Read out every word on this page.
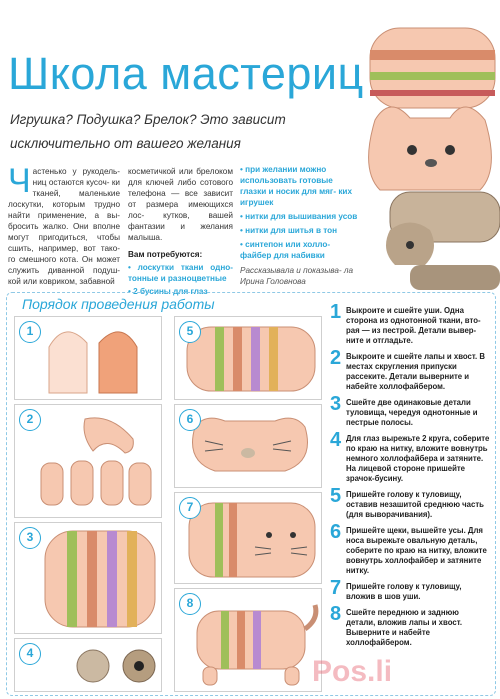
Школа мастериц
Игрушка? Подушка? Брелок? Это зависит исключительно от вашего желания
Ч астенько у рукодель- ниц остаются кусоч- ки тканей, маленькие лоскутки, которым трудно найти применение, а вы- бросить жалко. Они вполне могут пригодиться, чтобы сшить, например, вот тако- го смешного кота. Он может служить диванной подуш- кой или ковриком, забавной
косметичкой или брелоком для ключей либо сотового телефона — все зависит от размера имеющихся лос- кутков, вашей фантазии и желания малыша.
Вам потребуются:
• лоскутки ткани одно- тонные и разноцветные
• 2 бусины для глаз
• при желании можно использовать готовые глазки и носик для мяг- ких игрушек
• нитки для вышивания усов
• нитки для шитья в тон
• синтепон или холло- файбер для набивки
Рассказывала и показыва- ла Ирина Головнова
Порядок проведения работы
1
2
3
4
5
6
7
8
1 Выкроите и сшейте уши. Одна сторона из однотонной ткани, вто- рая — из пестрой. Детали вывер- ните и отгладьте.
2 Выкроите и сшейте лапы и хвост. В местах скругления припуски рассеките. Детали выверните и набейте холлофайбером.
3 Сшейте две одинаковые детали туловища, чередуя однотонные и пестрые полосы.
4 Для глаз вырежьте 2 круга, соберите по краю на нитку, вложите вовнутрь немного холлофайбера и затяните. На лицевой стороне пришейте зрачок-бусину.
5 Пришейте голову к туловищу, оставив незашитой среднюю часть (для выворачивания).
6 Пришейте щеки, вышейте усы. Для носа вырежьте овальную деталь, соберите по краю на нитку, вложите вовнутрь холлофайбер и затяните нитку.
7 Пришейте голову к туловищу, вложив в шов уши.
8 Сшейте переднюю и заднюю детали, вложив лапы и хвост. Выверните и набейте холлофайбером.
Pos.li
